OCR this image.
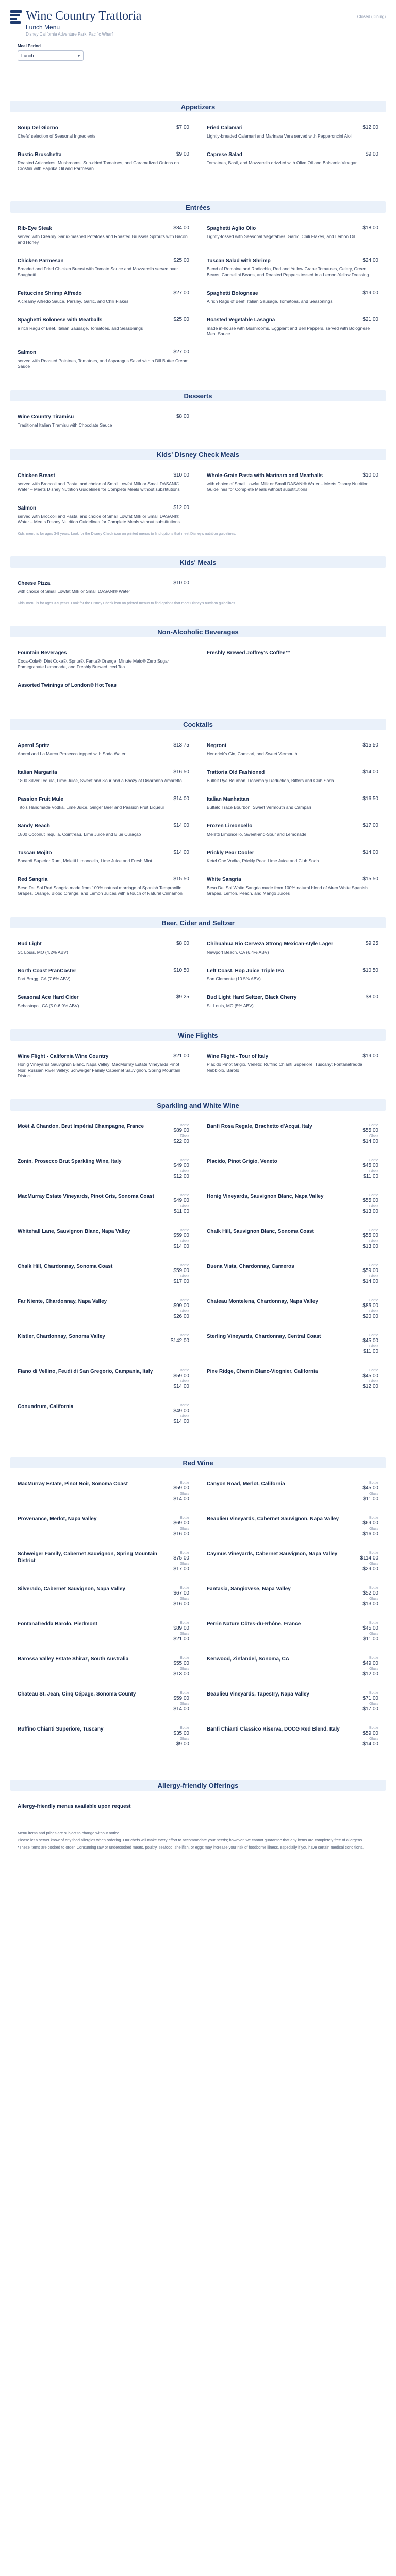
Wine Country Trattoria
Lunch Menu
Disney California Adventure Park, Pacific Wharf
Closed (Dining)
Meal Period
Lunch	▾
Appetizers
Soup Del Giorno	$7.00
Chefs' selection of Seasonal Ingredients
Fried Calamari	$12.00
Lightly-breaded Calamari and Marinara Vera served with Pepperoncini Aioli
Rustic Bruschetta	$9.00
Roasted Artichokes, Mushrooms, Sun-dried Tomatoes, and Caramelized Onions on Crostini with Paprika Oil and Parmesan
Caprese Salad	$9.00
Tomatoes, Basil, and Mozzarella drizzled with Olive Oil and Balsamic Vinegar
Entrées
Rib-Eye Steak	$34.00
served with Creamy Garlic-mashed Potatoes and Roasted Brussels Sprouts with Bacon and Honey
Spaghetti Aglio Olio	$18.00
Lightly-tossed with Seasonal Vegetables, Garlic, Chili Flakes, and Lemon Oil
Chicken Parmesan	$25.00
Breaded and Fried Chicken Breast with Tomato Sauce and Mozzarella served over Spaghetti
Tuscan Salad with Shrimp	$24.00
Blend of Romaine and Radicchio, Red and Yellow Grape Tomatoes, Celery, Green Beans, Cannellini Beans, and Roasted Peppers tossed in a Lemon-Yellow Dressing
Fettuccine Shrimp Alfredo	$27.00
A creamy Alfredo Sauce, Parsley, Garlic, and Chili Flakes
Spaghetti Bolognese	$19.00
A rich Ragù of Beef, Italian Sausage, Tomatoes, and Seasonings
Spaghetti Bolonese with Meatballs	$25.00
a rich Ragù of Beef, Italian Sausage, Tomatoes, and Seasonings
Roasted Vegetable Lasagna	$21.00
made in-house with Mushrooms, Eggplant and Bell Peppers, served with Bolognese Meat Sauce
Salmon	$27.00
served with Roasted Potatoes, Tomatoes, and Asparagus Salad with a Dill Butter Cream Sauce
Desserts
Wine Country Tiramisu	$8.00
Traditional Italian Tiramisu with Chocolate Sauce
Kids' Disney Check Meals
Chicken Breast	$10.00
served with Broccoli and Pasta, and choice of Small Lowfat Milk or Small DASANI® Water – Meets Disney Nutrition Guidelines for Complete Meals without substitutions
Whole-Grain Pasta with Marinara and Meatballs	$10.00
with choice of Small Lowfat Milk or Small DASANI® Water – Meets Disney Nutrition Guidelines for Complete Meals without substitutions
Salmon	$12.00
served with Broccoli and Pasta, and choice of Small Lowfat Milk or Small DASANI® Water – Meets Disney Nutrition Guidelines for Complete Meals without substitutions
Kids' menu is for ages 3-9 years. Look for the Disney Check icon on printed menus to find options that meet Disney's nutrition guidelines.
Kids' Meals
Cheese Pizza	$10.00
with choice of Small Lowfat Milk or Small DASANI® Water
Kids' menu is for ages 3-9 years. Look for the Disney Check icon on printed menus to find options that meet Disney's nutrition guidelines.
Non-Alcoholic Beverages
Fountain Beverages
Coca-Cola®, Diet Coke®, Sprite®, Fanta® Orange, Minute Maid® Zero Sugar Pomegranate Lemonade, and Freshly Brewed Iced Tea
Freshly Brewed Joffrey's Coffee™
Assorted Twinings of London® Hot Teas
Cocktails
Aperol Spritz	$13.75
Aperol and La Marca Prosecco topped with Soda Water
Negroni	$15.50
Hendrick's Gin, Campari, and Sweet Vermouth
Italian Margarita	$16.50
1800 Silver Tequila, Lime Juice, Sweet and Sour and a Boozy of Disaronno Amaretto
Trattoria Old Fashioned	$14.00
Bulleit Rye Bourbon, Rosemary Reduction, Bitters and Club Soda
Passion Fruit Mule	$14.00
Tito's Handmade Vodka, Lime Juice, Ginger Beer and Passion Fruit Liqueur
Italian Manhattan	$16.50
Buffalo Trace Bourbon, Sweet Vermouth and Campari
Sandy Beach	$14.00
1800 Coconut Tequila, Cointreau, Lime Juice and Blue Curaçao
Frozen Limoncello	$17.00
Meletti Limoncello, Sweet-and-Sour and Lemonade
Tuscan Mojito	$14.00
Bacardi Superior Rum, Meletti Limoncello, Lime Juice and Fresh Mint
Prickly Pear Cooler	$14.00
Ketel One Vodka, Prickly Pear, Lime Juice and Club Soda
Red Sangria	$15.50
Beso Del Sol Red Sangria made from 100% natural marriage of Spanish Tempranillo Grapes, Orange, Blood Orange, and Lemon Juices with a touch of Natural Cinnamon
White Sangria	$15.50
Beso Del Sol White Sangria made from 100% natural blend of Airen White Spanish Grapes, Lemon, Peach, and Mango Juices
Beer, Cider and Seltzer
Bud Light	$8.00
St. Louis, MO (4.2% ABV)
Chihuahua Rio Cerveza Strong Mexican-style Lager	$9.25
Newport Beach, CA (6.4% ABV)
North Coast PranCoster	$10.50
Fort Bragg, CA (7.6% ABV)
Left Coast, Hop Juice Triple IPA	$10.50
San Clemente (10.5% ABV)
Seasonal Ace Hard Cider	$9.25
Sebastopol, CA (5.0-6.9% ABV)
Bud Light Hard Seltzer, Black Cherry	$8.00
St. Louis, MO (5% ABV)
Wine Flights
Wine Flight - California Wine Country	$21.00
Honig Vineyards Sauvignon Blanc, Napa Valley; MacMurray Estate Vineyards Pinot Noir, Russian River Valley; Schweiger Family Cabernet Sauvignon, Spring Mountain District
Wine Flight - Tour of Italy	$19.00
Placido Pinot Grigio, Veneto; Ruffino Chianti Superiore, Tuscany; Fontanafredda Nebbiolo, Barolo
Sparkling and White Wine
Moët & Chandon, Brut Impérial Champagne, France	Bottle
$89.00
Glass
$22.00
Banfi Rosa Regale, Brachetto d'Acqui, Italy	Bottle
$55.00
Glass
$14.00
Zonin, Prosecco Brut Sparkling Wine, Italy	Bottle
$49.00
Glass
$12.00
Placido, Pinot Grigio, Veneto	Bottle
$45.00
Glass
$11.00
MacMurray Estate Vineyards, Pinot Gris, Sonoma Coast	Bottle
$49.00
Glass
$11.00
Honig Vineyards, Sauvignon Blanc, Napa Valley	Bottle
$55.00
Glass
$13.00
Whitehall Lane, Sauvignon Blanc, Napa Valley	Bottle
$59.00
Glass
$14.00
Chalk Hill, Sauvignon Blanc, Sonoma Coast	Bottle
$55.00
Glass
$13.00
Chalk Hill, Chardonnay, Sonoma Coast	Bottle
$59.00
Glass
$17.00
Buena Vista, Chardonnay, Carneros	Bottle
$59.00
Glass
$14.00
Far Niente, Chardonnay, Napa Valley	Bottle
$99.00
Glass
$26.00
Chateau Montelena, Chardonnay, Napa Valley	Bottle
$85.00
Glass
$20.00
Kistler, Chardonnay, Sonoma Valley	Bottle
$142.00
Sterling Vineyards, Chardonnay, Central Coast	Bottle
$45.00
Glass
$11.00
Fiano di Vellino, Feudi di San Gregorio, Campania, Italy	Bottle
$59.00
Glass
$14.00
Pine Ridge, Chenin Blanc-Viognier, California	Bottle
$45.00
Glass
$12.00
Conundrum, California	Bottle
$49.00
Glass
$14.00
Red Wine
MacMurray Estate, Pinot Noir, Sonoma Coast	Bottle
$59.00
Glass
$14.00
Canyon Road, Merlot, California	Bottle
$45.00
Glass
$11.00
Provenance, Merlot, Napa Valley	Bottle
$69.00
Glass
$16.00
Beaulieu Vineyards, Cabernet Sauvignon, Napa Valley	Bottle
$69.00
Glass
$16.00
Schweiger Family, Cabernet Sauvignon, Spring Mountain District
Bottle
$75.00
Glass
$17.00
Caymus Vineyards, Cabernet Sauvignon, Napa Valley	Bottle
$114.00
Glass
$29.00
Silverado, Cabernet Sauvignon, Napa Valley	Bottle
$67.00
Glass
$16.00
Fantasia, Sangiovese, Napa Valley	Bottle
$52.00
Glass
$13.00
Fontanafredda Barolo, Piedmont	Bottle
$89.00
Glass
$21.00
Perrin Nature Côtes-du-Rhône, France	Bottle
$45.00
Glass
$11.00
Barossa Valley Estate Shiraz, South Australia	Bottle
$55.00
Glass
$13.00
Kenwood, Zinfandel, Sonoma, CA	Bottle
$49.00
Glass
$12.00
Chateau St. Jean, Cinq Cépage, Sonoma County	Bottle
$59.00
Glass
$14.00
Beaulieu Vineyards, Tapestry, Napa Valley	Bottle
$71.00
Glass
$17.00
Ruffino Chianti Superiore, Tuscany	Bottle
$35.00
Glass
$9.00
Banfi Chianti Classico Riserva, DOCG Red Blend, Italy	Bottle
$59.00
Glass
$14.00
Allergy-friendly Offerings
Allergy-friendly menus available upon request

Menu items and prices are subject to change without notice.

Please let a server know of any food allergies when ordering. Our chefs will make every effort to accommodate your needs; however, we cannot guarantee that any items are completely free of allergens.

*These items are cooked to order. Consuming raw or undercooked meats, poultry, seafood, shellfish, or eggs may increase your risk of foodborne illness, especially if you have certain medical conditions.
